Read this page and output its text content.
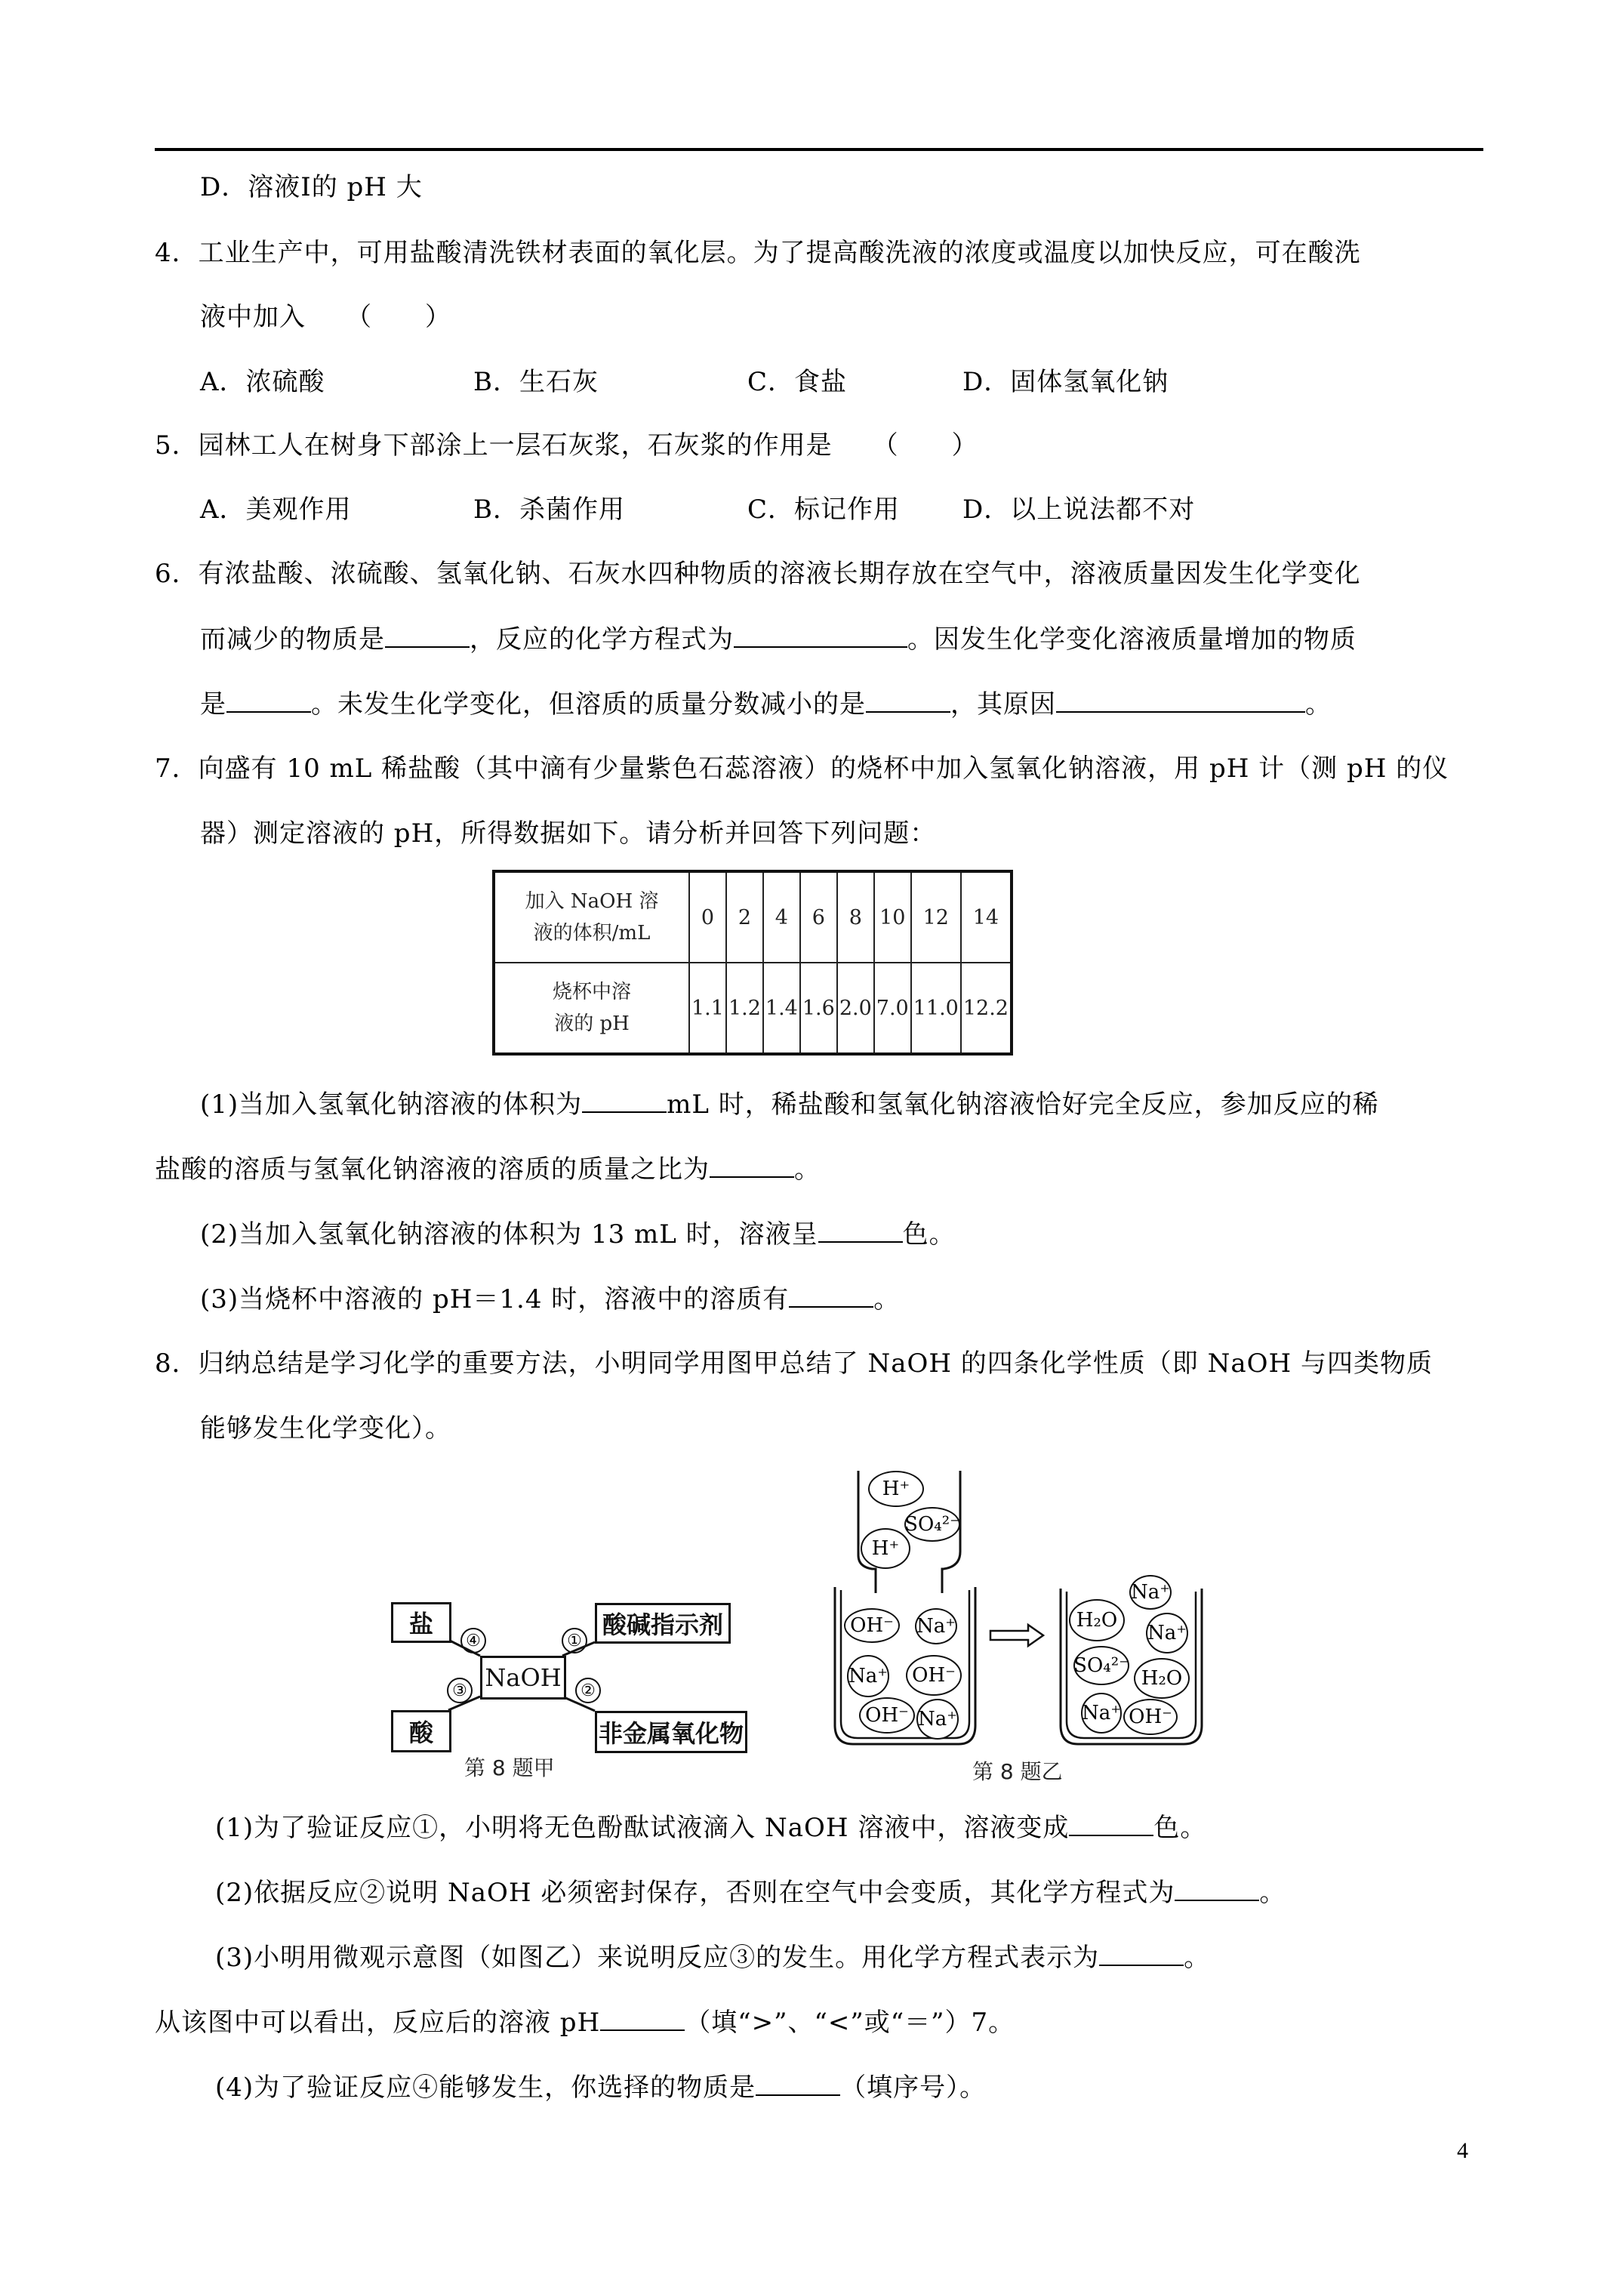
D．溶液Ⅰ的 pH 大
4．工业生产中，可用盐酸清洗铁材表面的氧化层。为了提高酸洗液的浓度或温度以加快反应，可在酸洗
液中加入　　（　　）
A．浓硫酸	B．生石灰	C．食盐	D．固体氢氧化钠
5．园林工人在树身下部涂上一层石灰浆，石灰浆的作用是　　（　　）
A．美观作用	B．杀菌作用	C．标记作用 D．以上说法都不对
6．有浓盐酸、浓硫酸、氢氧化钠、石灰水四种物质的溶液长期存放在空气中，溶液质量因发生化学变化
而减少的物质是	，反应的化学方程式为	。因发生化学变化溶液质量增加的物质
是	。未发生化学变化，但溶质的质量分数减小的是	，其原因	。
7．向盛有 10 mL 稀盐酸（其中滴有少量紫色石蕊溶液）的烧杯中加入氢氧化钠溶液，用 pH 计（测 pH 的仪
器）测定溶液的 pH，所得数据如下。请分析并回答下列问题：
加入 NaOH 溶
液的体积/mL	0	2	4	6	8	10	12	14
烧杯中溶
液的 pH	1.1	1.2	1.4	1.6	2.0	7.0	11.0	12.2
(1)当加入氢氧化钠溶液的体积为	mL 时，稀盐酸和氢氧化钠溶液恰好完全反应，参加反应的稀
盐酸的溶质与氢氧化钠溶液的溶质的质量之比为	。
(2)当加入氢氧化钠溶液的体积为 13 mL 时，溶液呈	色。
(3)当烧杯中溶液的 pH＝1.4 时，溶液中的溶质有	。
8．归纳总结是学习化学的重要方法，小明同学用图甲总结了 NaOH 的四条化学性质（即 NaOH 与四类物质
能够发生化学变化）。
盐
酸
NaOH
酸碱指示剂
非金属氧化物
①
②
③
④
第 8 题甲
H⁺
SO₄²⁻
H⁺
OH⁻	Na⁺
Na⁺	OH⁻
OH⁻ Na⁺
Na⁺
H₂O
Na⁺
SO₄²⁻
H₂O
Na⁺ OH⁻
第 8 题乙
(1)为了验证反应①，小明将无色酚酞试液滴入 NaOH 溶液中，溶液变成	色。
(2)依据反应②说明 NaOH 必须密封保存，否则在空气中会变质，其化学方程式为	。
(3)小明用微观示意图（如图乙）来说明反应③的发生。用化学方程式表示为	。
从该图中可以看出，反应后的溶液 pH	（填“>”、“<”或“＝”）7。
(4)为了验证反应④能够发生，你选择的物质是	（填序号）。
4
